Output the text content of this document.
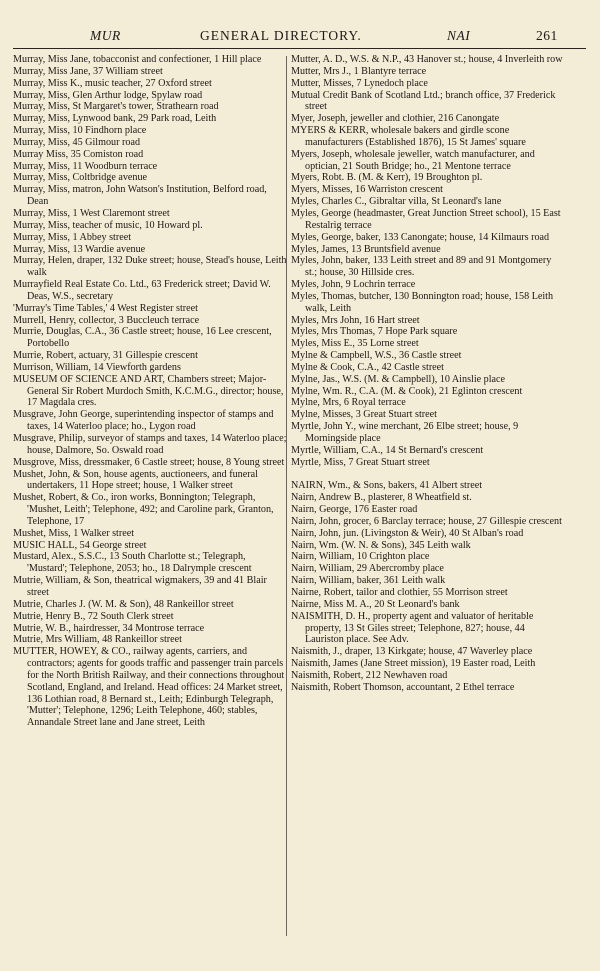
MUR	GENERAL DIRECTORY.	NAI	261
Murray, Miss Jane, tobacconist and confectioner, 1 Hill place
Murray, Miss Jane, 37 William street
Murray, Miss K., music teacher, 27 Oxford street
Murray, Miss, Glen Arthur lodge, Spylaw road
Murray, Miss, St Margaret's tower, Strathearn road
Murray, Miss, Lynwood bank, 29 Park road, Leith
Murray, Miss, 10 Findhorn place
Murray, Miss, 45 Gilmour road
Murray Miss, 35 Comiston road
Murray, Miss, 11 Woodburn terrace
Murray, Miss, Coltbridge avenue
Murray, Miss, matron, John Watson's Institution, Belford road, Dean
Murray, Miss, 1 West Claremont street
Murray, Miss, teacher of music, 10 Howard pl.
Murray, Miss, 1 Abbey street
Murray, Miss, 13 Wardie avenue
Murray, Helen, draper, 132 Duke street; house, Stead's house, Leith walk
Murrayfield Real Estate Co. Ltd., 63 Frederick street; David W. Deas, W.S., secretary
'Murray's Time Tables,' 4 West Register street
Murrell, Henry, collector, 3 Buccleuch terrace
Murrie, Douglas, C.A., 36 Castle street; house, 16 Lee crescent, Portobello
Murrie, Robert, actuary, 31 Gillespie crescent
Murrison, William, 14 Viewforth gardens
MUSEUM OF SCIENCE AND ART, Chambers street; Major-General Sir Robert Murdoch Smith, K.C.M.G., director; house, 17 Magdala cres.
Musgrave, John George, superintending inspector of stamps and taxes, 14 Waterloo place; ho., Lygon road
Musgrave, Philip, surveyor of stamps and taxes, 14 Waterloo place; house, Dalmore, So. Oswald road
Musgrove, Miss, dressmaker, 6 Castle street; house, 8 Young street
Mushet, John, & Son, house agents, auctioneers, and funeral undertakers, 11 Hope street; house, 1 Walker street
Mushet, Robert, & Co., iron works, Bonnington; Telegraph, 'Mushet, Leith'; Telephone, 492; and Caroline park, Granton, Telephone, 17
Mushet, Miss, 1 Walker street
MUSIC HALL, 54 George street
Mustard, Alex., S.S.C., 13 South Charlotte st.; Telegraph, 'Mustard'; Telephone, 2053; ho., 18 Dalrymple crescent
Mutrie, William, & Son, theatrical wigmakers, 39 and 41 Blair street
Mutrie, Charles J. (W. M. & Son), 48 Rankeillor street
Mutrie, Henry B., 72 South Clerk street
Mutrie, W. B., hairdresser, 34 Montrose terrace
Mutrie, Mrs William, 48 Rankeillor street
MUTTER, HOWEY, & CO., railway agents, carriers, and contractors; agents for goods traffic and passenger train parcels for the North British Railway, and their connections throughout Scotland, England, and Ireland. Head offices: 24 Market street, 136 Lothian road, 8 Bernard st., Leith; Edinburgh Telegraph, 'Mutter'; Telephone, 1296; Leith Telephone, 460; stables, Annandale Street lane and Jane street, Leith
Mutter, A. D., W.S. & N.P., 43 Hanover st.; house, 4 Inverleith row
Mutter, Mrs J., 1 Blantyre terrace
Mutter, Misses, 7 Lynedoch place
Mutual Credit Bank of Scotland Ltd.; branch office, 37 Frederick street
Myer, Joseph, jeweller and clothier, 216 Canongate
MYERS & KERR, wholesale bakers and girdle scone manufacturers (Established 1876), 15 St James' square
Myers, Joseph, wholesale jeweller, watch manufacturer, and optician, 21 South Bridge; ho., 21 Mentone terrace
Myers, Robt. B. (M. & Kerr), 19 Broughton pl.
Myers, Misses, 16 Warriston crescent
Myles, Charles C., Gibraltar villa, St Leonard's lane
Myles, George (headmaster, Great Junction Street school), 15 East Restalrig terrace
Myles, George, baker, 133 Canongate; house, 14 Kilmaurs road
Myles, James, 13 Bruntsfield avenue
Myles, John, baker, 133 Leith street and 89 and 91 Montgomery st.; house, 30 Hillside cres.
Myles, John, 9 Lochrin terrace
Myles, Thomas, butcher, 130 Bonnington road; house, 158 Leith walk, Leith
Myles, Mrs John, 16 Hart street
Myles, Mrs Thomas, 7 Hope Park square
Myles, Miss E., 35 Lorne street
Mylne & Campbell, W.S., 36 Castle street
Mylne & Cook, C.A., 42 Castle street
Mylne, Jas., W.S. (M. & Campbell), 10 Ainslie place
Mylne, Wm. R., C.A. (M. & Cook), 21 Eglinton crescent
Mylne, Mrs, 6 Royal terrace
Mylne, Misses, 3 Great Stuart street
Myrtle, John Y., wine merchant, 26 Elbe street; house, 9 Morningside place
Myrtle, William, C.A., 14 St Bernard's crescent
Myrtle, Miss, 7 Great Stuart street
NAIRN, Wm., & Sons, bakers, 41 Albert street
Nairn, Andrew B., plasterer, 8 Wheatfield st.
Nairn, George, 176 Easter road
Nairn, John, grocer, 6 Barclay terrace; house, 27 Gillespie crescent
Nairn, John, jun. (Livingston & Weir), 40 St Alban's road
Nairn, Wm. (W. N. & Sons), 345 Leith walk
Nairn, William, 10 Crighton place
Nairn, William, 29 Abercromby place
Nairn, William, baker, 361 Leith walk
Nairne, Robert, tailor and clothier, 55 Morrison street
Nairne, Miss M. A., 20 St Leonard's bank
NAISMITH, D. H., property agent and valuator of heritable property, 13 St Giles street; Telephone, 827; house, 44 Lauriston place. See Adv.
Naismith, J., draper, 13 Kirkgate; house, 47 Waverley place
Naismith, James (Jane Street mission), 19 Easter road, Leith
Naismith, Robert, 212 Newhaven road
Naismith, Robert Thomson, accountant, 2 Ethel terrace
